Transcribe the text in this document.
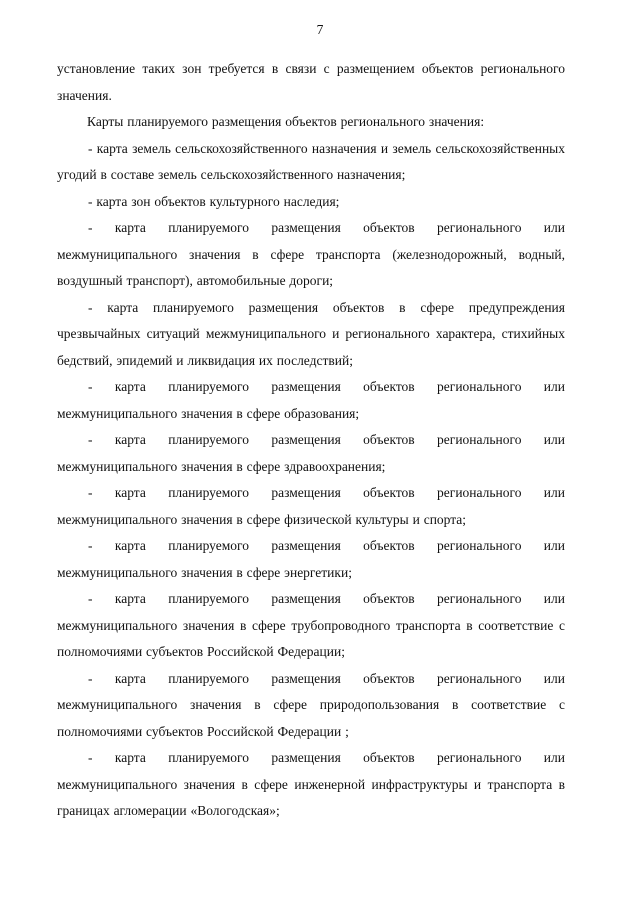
7

установление таких зон требуется в связи с размещением объектов регионального значения.

Карты планируемого размещения объектов регионального значения:

- карта земель сельскохозяйственного назначения и земель сельскохозяйственных угодий в составе земель сельскохозяйственного назначения;

- карта зон объектов культурного наследия;

- карта планируемого размещения объектов регионального или межмуниципального значения в сфере транспорта (железнодорожный, водный, воздушный транспорт), автомобильные дороги;

- карта планируемого размещения объектов в сфере предупреждения чрезвычайных ситуаций межмуниципального и регионального характера, стихийных бедствий, эпидемий и ликвидация их последствий;

- карта планируемого размещения объектов регионального или межмуниципального значения в сфере образования;

- карта планируемого размещения объектов регионального или межмуниципального значения в сфере здравоохранения;

- карта планируемого размещения объектов регионального или межмуниципального значения в сфере физической культуры и спорта;

- карта планируемого размещения объектов регионального или межмуниципального значения в сфере энергетики;

- карта планируемого размещения объектов регионального или межмуниципального значения в сфере трубопроводного транспорта в соответствие с полномочиями субъектов Российской Федерации;

- карта планируемого размещения объектов регионального или межмуниципального значения в сфере природопользования в соответствие с полномочиями субъектов Российской Федерации ;

- карта планируемого размещения объектов регионального или межмуниципального значения в сфере инженерной инфраструктуры и транспорта в границах агломерации «Вологодская»;
